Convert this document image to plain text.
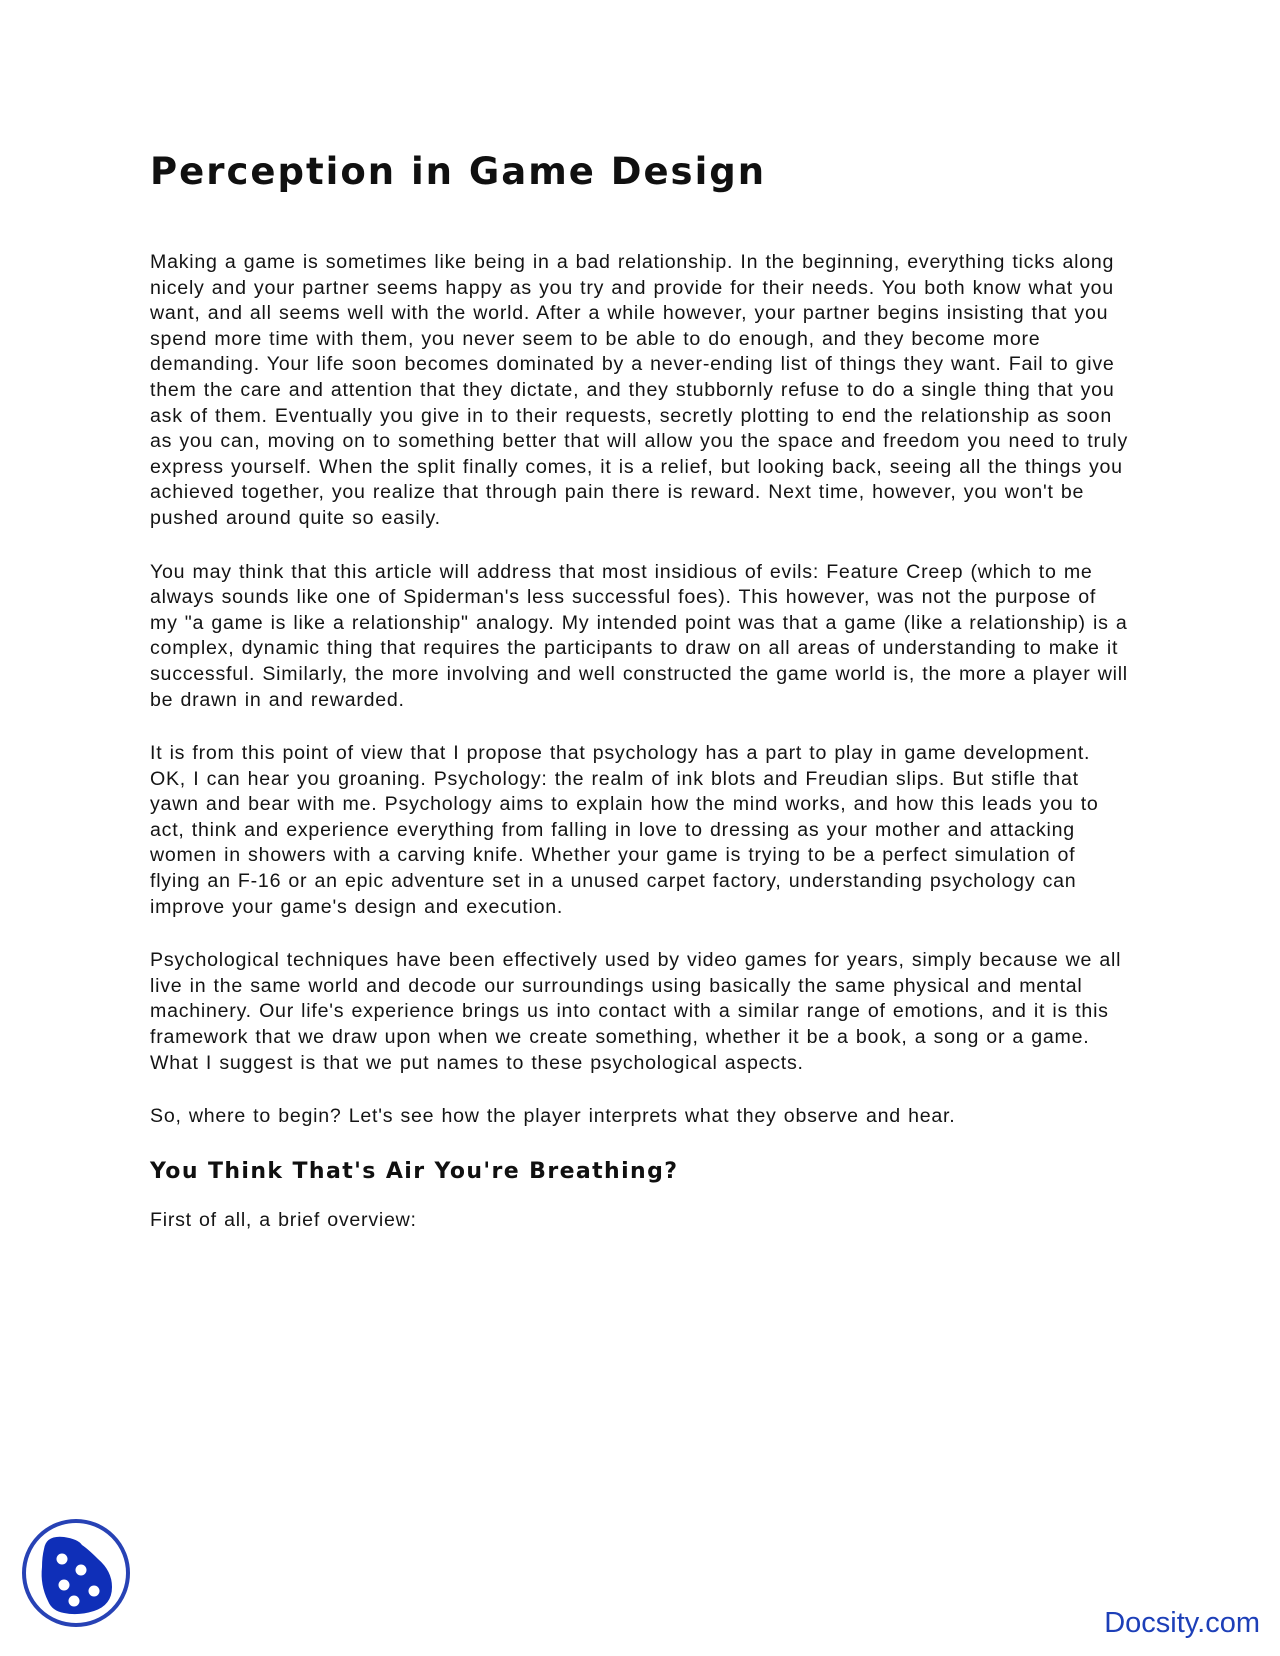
Perception in Game Design

Making a game is sometimes like being in a bad relationship. In the beginning, everything ticks along nicely and your partner seems happy as you try and provide for their needs. You both know what you want, and all seems well with the world. After a while however, your partner begins insisting that you spend more time with them, you never seem to be able to do enough, and they become more demanding. Your life soon becomes dominated by a never-ending list of things they want. Fail to give them the care and attention that they dictate, and they stubbornly refuse to do a single thing that you ask of them. Eventually you give in to their requests, secretly plotting to end the relationship as soon as you can, moving on to something better that will allow you the space and freedom you need to truly express yourself. When the split finally comes, it is a relief, but looking back, seeing all the things you achieved together, you realize that through pain there is reward. Next time, however, you won't be pushed around quite so easily.

You may think that this article will address that most insidious of evils: Feature Creep (which to me always sounds like one of Spiderman's less successful foes). This however, was not the purpose of my "a game is like a relationship" analogy. My intended point was that a game (like a relationship) is a complex, dynamic thing that requires the participants to draw on all areas of understanding to make it successful. Similarly, the more involving and well constructed the game world is, the more a player will be drawn in and rewarded.

It is from this point of view that I propose that psychology has a part to play in game development. OK, I can hear you groaning. Psychology: the realm of ink blots and Freudian slips. But stifle that yawn and bear with me. Psychology aims to explain how the mind works, and how this leads you to act, think and experience everything from falling in love to dressing as your mother and attacking women in showers with a carving knife. Whether your game is trying to be a perfect simulation of flying an F-16 or an epic adventure set in a unused carpet factory, understanding psychology can improve your game's design and execution.

Psychological techniques have been effectively used by video games for years, simply because we all live in the same world and decode our surroundings using basically the same physical and mental machinery. Our life's experience brings us into contact with a similar range of emotions, and it is this framework that we draw upon when we create something, whether it be a book, a song or a game. What I suggest is that we put names to these psychological aspects.

So, where to begin? Let's see how the player interprets what they observe and hear.

You Think That's Air You're Breathing?

First of all, a brief overview:

Docsity.com
